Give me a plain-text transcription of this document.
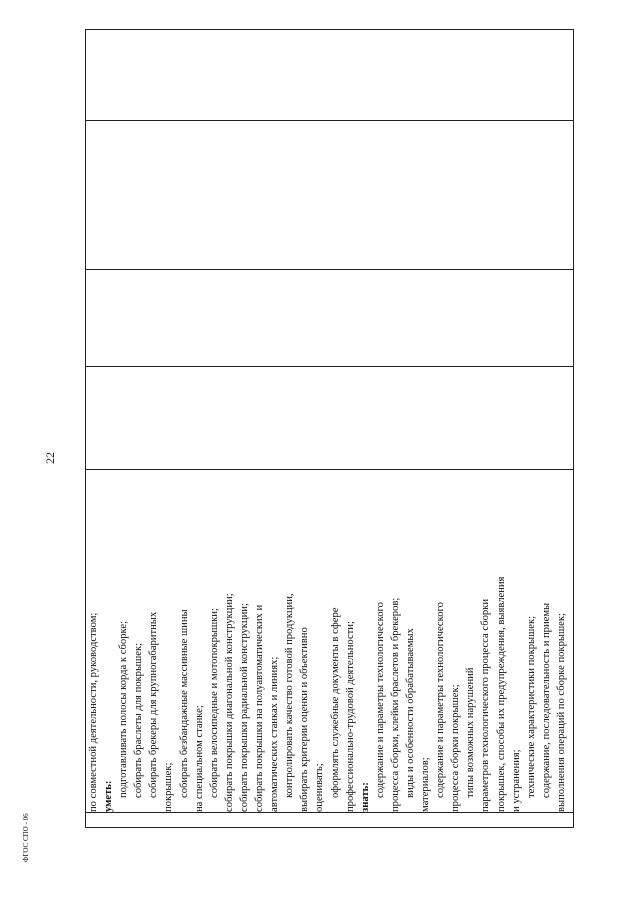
22

по совместной деятельности, руководством; уметь: подготавливать полосы корда к сборке; собирать браслеты для покрышек; собирать брекеры для крупногабаритных покрышек; собирать безбандажные массивные шины на специальном станке; собирать велосипедные и мотопокрышки; собирать покрышки диагональной конструкции; собирать покрышки радиальной конструкции; собирать покрышки на полуавтоматических и автоматических станках и линиях; контролировать качество готовой продукции, выбирать критерии оценки и объективно оценивать; оформлять служебные документы в сфере профессионально-трудовой деятельности; знать: содержание и параметры технологического процесса сборки, клейки браслетов и брекеров; виды и особенности обрабатываемых материалов; содержание и параметры технологического процесса сборки покрышек; типы возможных нарушений параметров технологического процесса сборки покрышек, способы их предупреждения, выявления и устранения; технические характеристики покрышек; содержание, последовательность и приемы выполнения операций по сборке покрышек;

ФГОС СПО - 06
